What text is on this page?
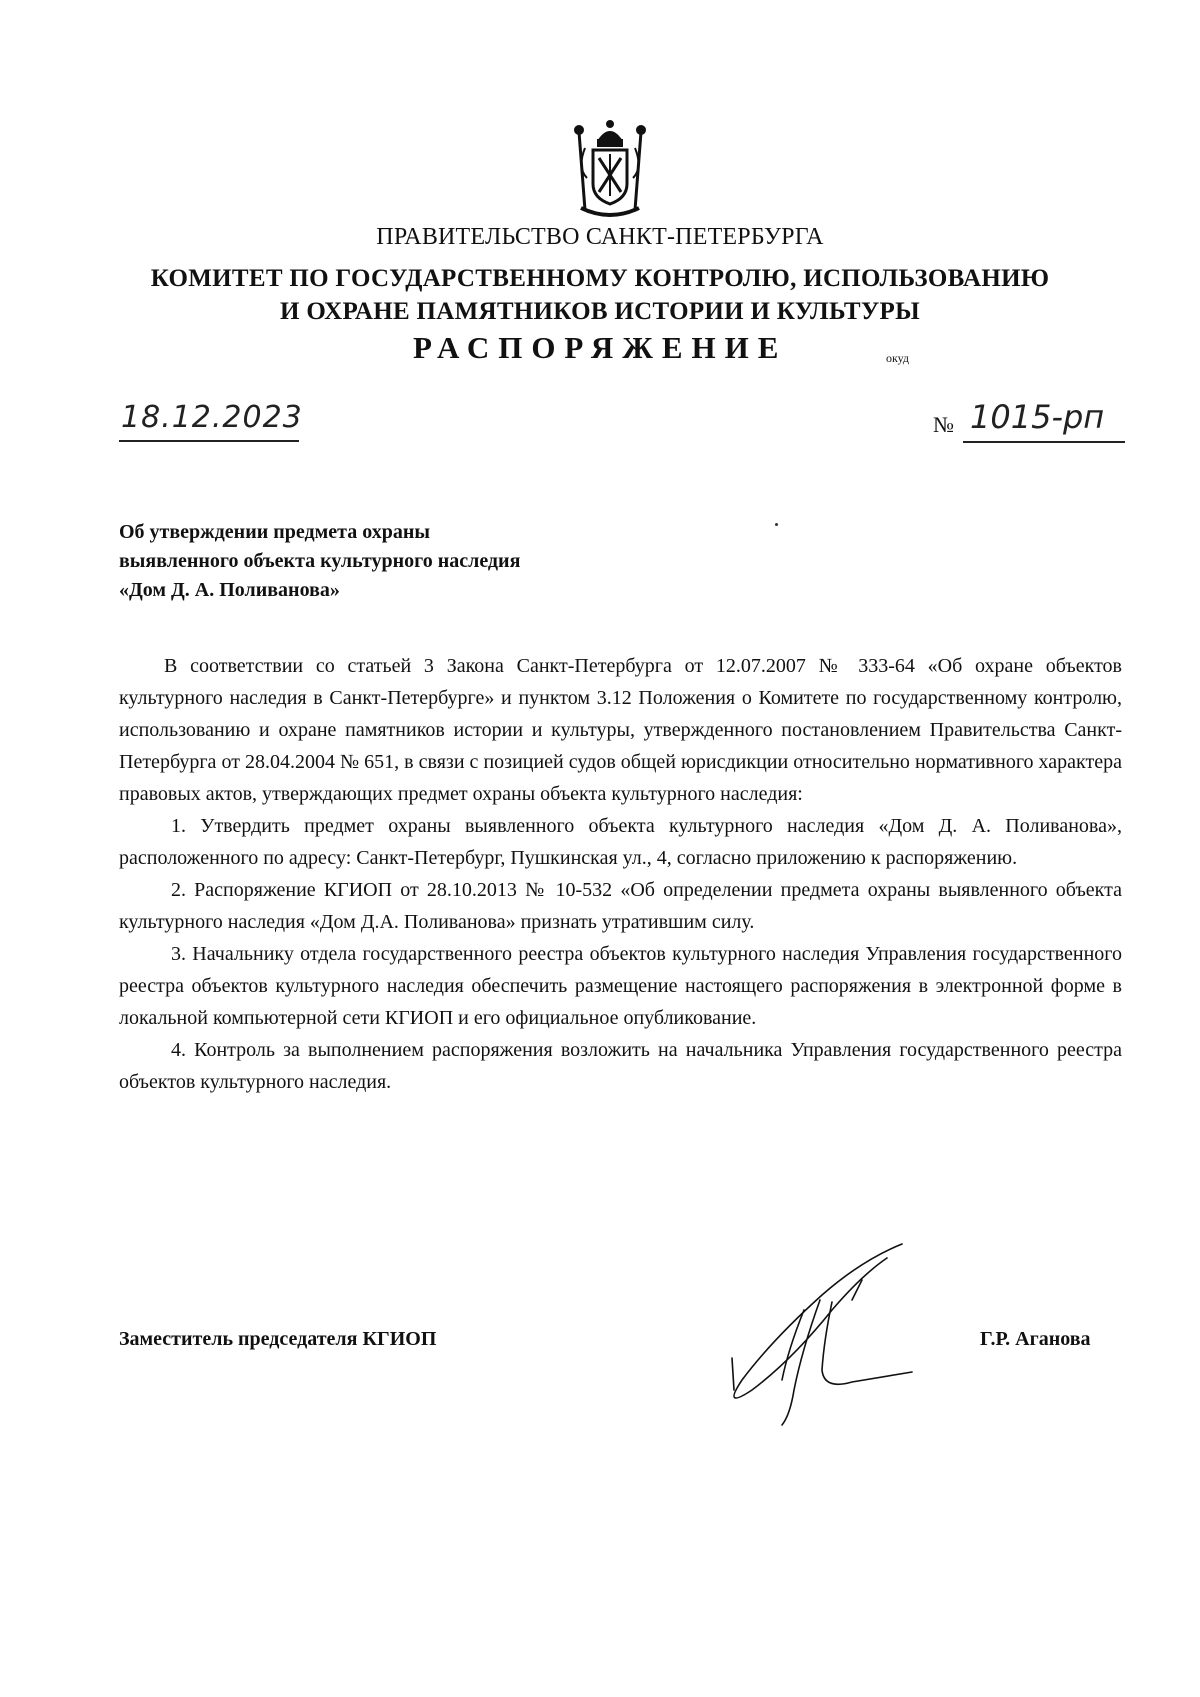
ПРАВИТЕЛЬСТВО САНКТ-ПЕТЕРБУРГА
КОМИТЕТ ПО ГОСУДАРСТВЕННОМУ КОНТРОЛЮ, ИСПОЛЬЗОВАНИЮ
И ОХРАНЕ ПАМЯТНИКОВ ИСТОРИИ И КУЛЬТУРЫ
РАСПОРЯЖЕНИЕ	окуд
18.12.2023	№ 1015-рп
Об утверждении предмета охраны
выявленного объекта культурного наследия
«Дом Д. А. Поливанова»

В соответствии со статьей 3 Закона Санкт-Петербурга от 12.07.2007 № 333-64 «Об охране объектов культурного наследия в Санкт-Петербурге» и пунктом 3.12 Положения о Комитете по государственному контролю, использованию и охране памятников истории и культуры, утвержденного постановлением Правительства Санкт-Петербурга от 28.04.2004 № 651, в связи с позицией судов общей юрисдикции относительно нормативного характера правовых актов, утверждающих предмет охраны объекта культурного наследия:

1. Утвердить предмет охраны выявленного объекта культурного наследия «Дом Д. А. Поливанова», расположенного по адресу: Санкт-Петербург, Пушкинская ул., 4, согласно приложению к распоряжению.

2. Распоряжение КГИОП от 28.10.2013 № 10-532 «Об определении предмета охраны выявленного объекта культурного наследия «Дом Д.А. Поливанова» признать утратившим силу.

3. Начальнику отдела государственного реестра объектов культурного наследия Управления государственного реестра объектов культурного наследия обеспечить размещение настоящего распоряжения в электронной форме в локальной компьютерной сети КГИОП и его официальное опубликование.

4. Контроль за выполнением распоряжения возложить на начальника Управления государственного реестра объектов культурного наследия.

Заместитель председателя КГИОП	Г.Р. Аганова
